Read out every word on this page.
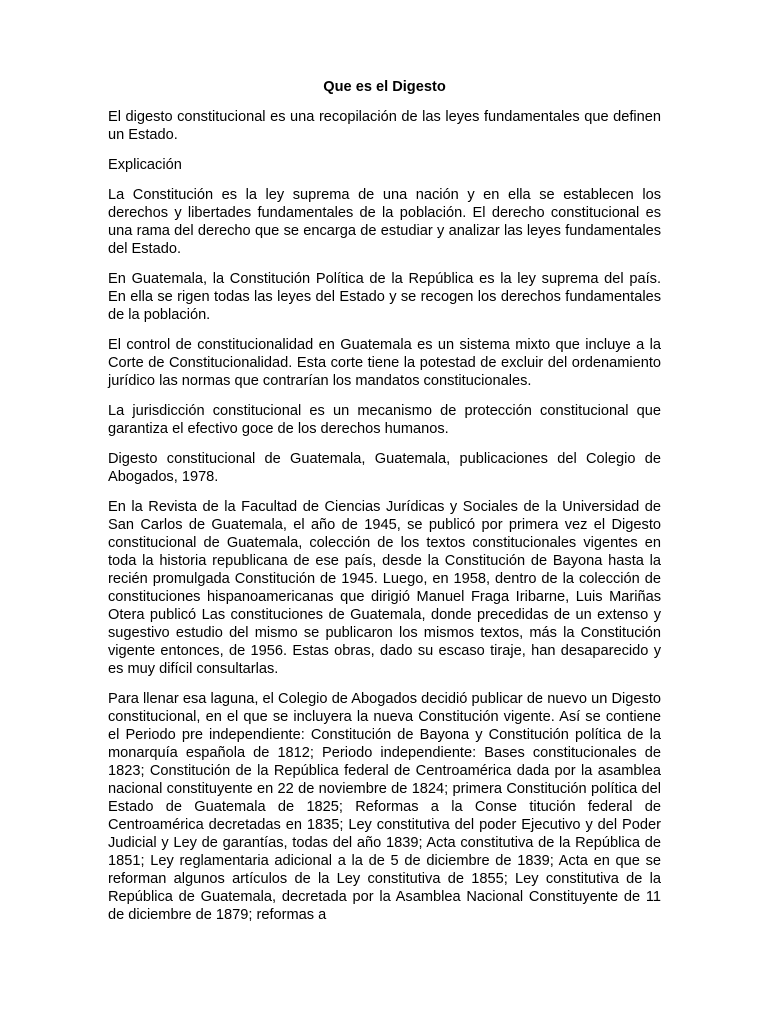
Que es el Digesto
El digesto constitucional es una recopilación de las leyes fundamentales que definen un Estado.
Explicación
La Constitución es la ley suprema de una nación y en ella se establecen los derechos y libertades fundamentales de la población. El derecho constitucional es una rama del derecho que se encarga de estudiar y analizar las leyes fundamentales del Estado.
En Guatemala, la Constitución Política de la República es la ley suprema del país. En ella se rigen todas las leyes del Estado y se recogen los derechos fundamentales de la población.
El control de constitucionalidad en Guatemala es un sistema mixto que incluye a la Corte de Constitucionalidad. Esta corte tiene la potestad de excluir del ordenamiento jurídico las normas que contrarían los mandatos constitucionales.
La jurisdicción constitucional es un mecanismo de protección constitucional que garantiza el efectivo goce de los derechos humanos.
Digesto constitucional de Guatemala, Guatemala, publicaciones del Colegio de Abogados, 1978.
En la Revista de la Facultad de Ciencias Jurídicas y Sociales de la Universidad de San Carlos de Guatemala, el año de 1945, se publicó por primera vez el Digesto constitucional de Guatemala, colección de los textos constitucionales vigentes en toda la historia republicana de ese país, desde la Constitución de Bayona hasta la recién promulgada Constitución de 1945. Luego, en 1958, dentro de la colección de constituciones hispanoamericanas que dirigió Manuel Fraga Iribarne, Luis Mariñas Otera publicó Las constituciones de Guatemala, donde precedidas de un extenso y sugestivo estudio del mismo se publicaron los mismos textos, más la Constitución vigente entonces, de 1956. Estas obras, dado su escaso tiraje, han desaparecido y es muy difícil consultarlas.
Para llenar esa laguna, el Colegio de Abogados decidió publicar de nuevo un Digesto constitucional, en el que se incluyera la nueva Constitución vigente. Así se contiene el Periodo pre independiente: Constitución de Bayona y Constitución política de la monarquía española de 1812; Periodo independiente: Bases constitucionales de 1823; Constitución de la República federal de Centroamérica dada por la asamblea nacional constituyente en 22 de noviembre de 1824; primera Constitución política del Estado de Guatemala de 1825; Reformas a la Conse titución federal de Centroamérica decretadas en 1835; Ley constitutiva del poder Ejecutivo y del Poder Judicial y Ley de garantías, todas del año 1839; Acta constitutiva de la República de 1851; Ley reglamentaria adicional a la de 5 de diciembre de 1839; Acta en que se reforman algunos artículos de la Ley constitutiva de 1855; Ley constitutiva de la República de Guatemala, decretada por la Asamblea Nacional Constituyente de 11 de diciembre de 1879; reformas a
